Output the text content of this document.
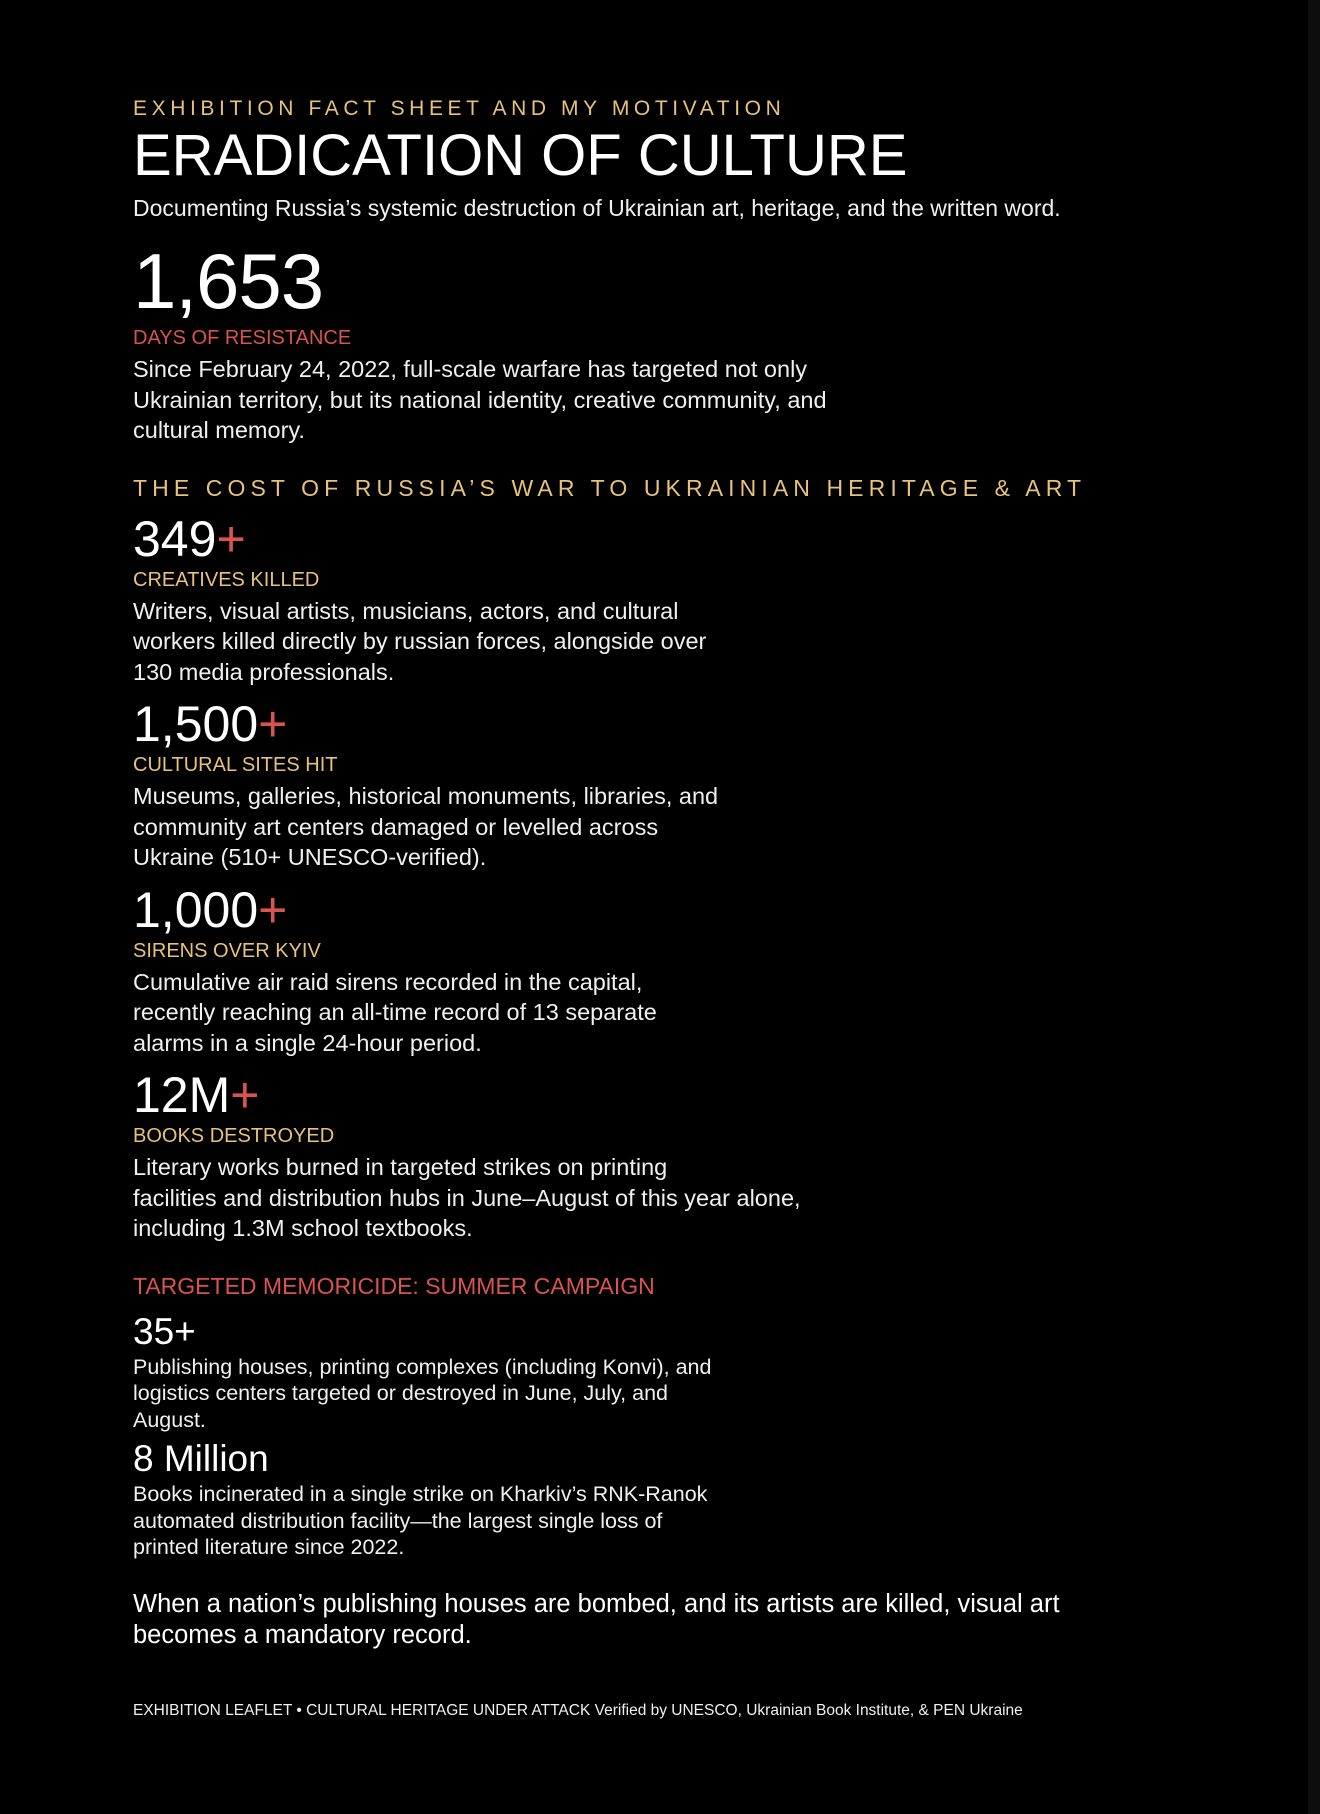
EXHIBITION FACT SHEET AND MY MOTIVATION

ERADICATION OF CULTURE

Documenting Russia’s systemic destruction of Ukrainian art, heritage, and the written word.

1,653

DAYS OF RESISTANCE

Since February 24, 2022, full-scale warfare has targeted not only
Ukrainian territory, but its national identity, creative community, and
cultural memory.

THE COST OF RUSSIA’S WAR TO UKRAINIAN HERITAGE & ART

349+

CREATIVES KILLED

Writers, visual artists, musicians, actors, and cultural
workers killed directly by russian forces, alongside over
130 media professionals.

1,500+

CULTURAL SITES HIT

Museums, galleries, historical monuments, libraries, and
community art centers damaged or levelled across
Ukraine (510+ UNESCO-verified).

1,000+

SIRENS OVER KYIV

Cumulative air raid sirens recorded in the capital,
recently reaching an all-time record of 13 separate
alarms in a single 24-hour period.

12M+

BOOKS DESTROYED

Literary works burned in targeted strikes on printing
facilities and distribution hubs in June–August of this year alone,
including 1.3M school textbooks.

TARGETED MEMORICIDE: SUMMER CAMPAIGN

35+

Publishing houses, printing complexes (including Konvi), and
logistics centers targeted or destroyed in June, July, and
August.

8 Million

Books incinerated in a single strike on Kharkiv’s RNK-Ranok
automated distribution facility—the largest single loss of
printed literature since 2022.

When a nation’s publishing houses are bombed, and its artists are killed, visual art
becomes a mandatory record.

EXHIBITION LEAFLET • CULTURAL HERITAGE UNDER ATTACK Verified by UNESCO, Ukrainian Book Institute, & PEN Ukraine
